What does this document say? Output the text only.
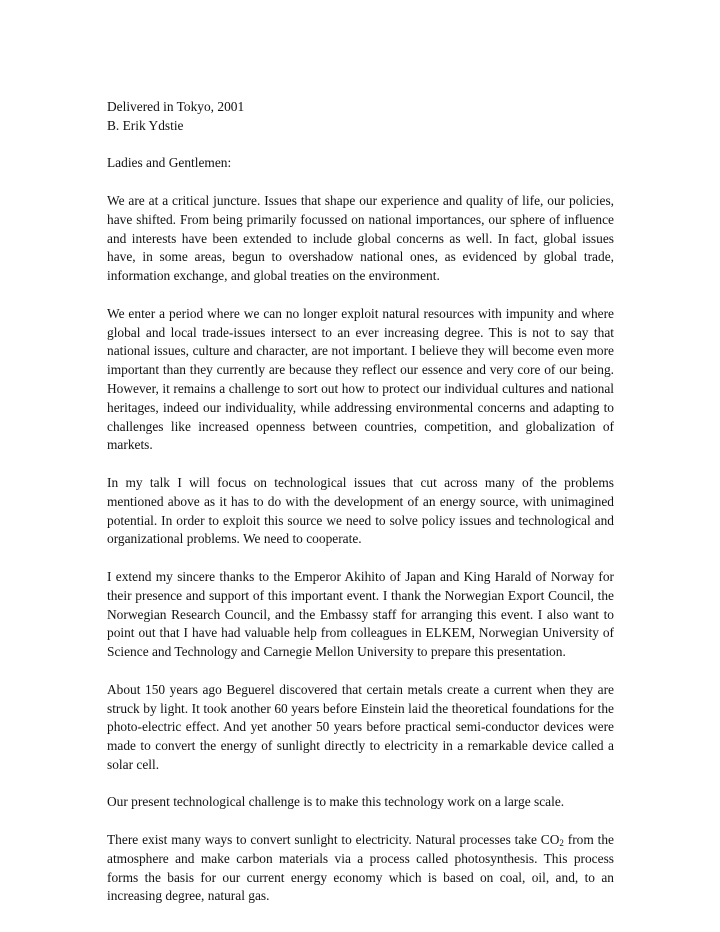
Delivered in Tokyo, 2001
B. Erik Ydstie
Ladies and Gentlemen:

We are at a critical juncture. Issues that shape our experience and quality of life, our policies, have shifted. From being primarily focussed on national importances, our sphere of influence and interests have been extended to include global concerns as well. In fact, global issues have, in some areas, begun to overshadow national ones, as evidenced by global trade, information exchange, and global treaties on the environment.

We enter a period where we can no longer exploit natural resources with impunity and where global and local trade-issues intersect to an ever increasing degree. This is not to say that national issues, culture and character, are not important. I believe they will become even more important than they currently are because they reflect our essence and very core of our being. However, it remains a challenge to sort out how to protect our individual cultures and national heritages, indeed our individuality, while addressing environmental concerns and adapting to challenges like increased openness between countries, competition, and globalization of markets.

In my talk I will focus on technological issues that cut across many of the problems mentioned above as it has to do with the development of an energy source, with unimagined potential. In order to exploit this source we need to solve policy issues and technological and organizational problems. We need to cooperate.

I extend my sincere thanks to the Emperor Akihito of Japan and King Harald of Norway for their presence and support of this important event. I thank the Norwegian Export Council, the Norwegian Research Council, and the Embassy staff for arranging this event. I also want to point out that I have had valuable help from colleagues in ELKEM, Norwegian University of Science and Technology and Carnegie Mellon University to prepare this presentation.

About 150 years ago Beguerel discovered that certain metals create a current when they are struck by light. It took another 60 years before Einstein laid the theoretical foundations for the photo-electric effect. And yet another 50 years before practical semi-conductor devices were made to convert the energy of sunlight directly to electricity in a remarkable device called a solar cell.

Our present technological challenge is to make this technology work on a large scale.

There exist many ways to convert sunlight to electricity. Natural processes take $CO_2$ from the atmosphere and make carbon materials via a process called photosynthesis. This process forms the basis for our current energy economy which is based on coal, oil, and, to an increasing degree, natural gas.
